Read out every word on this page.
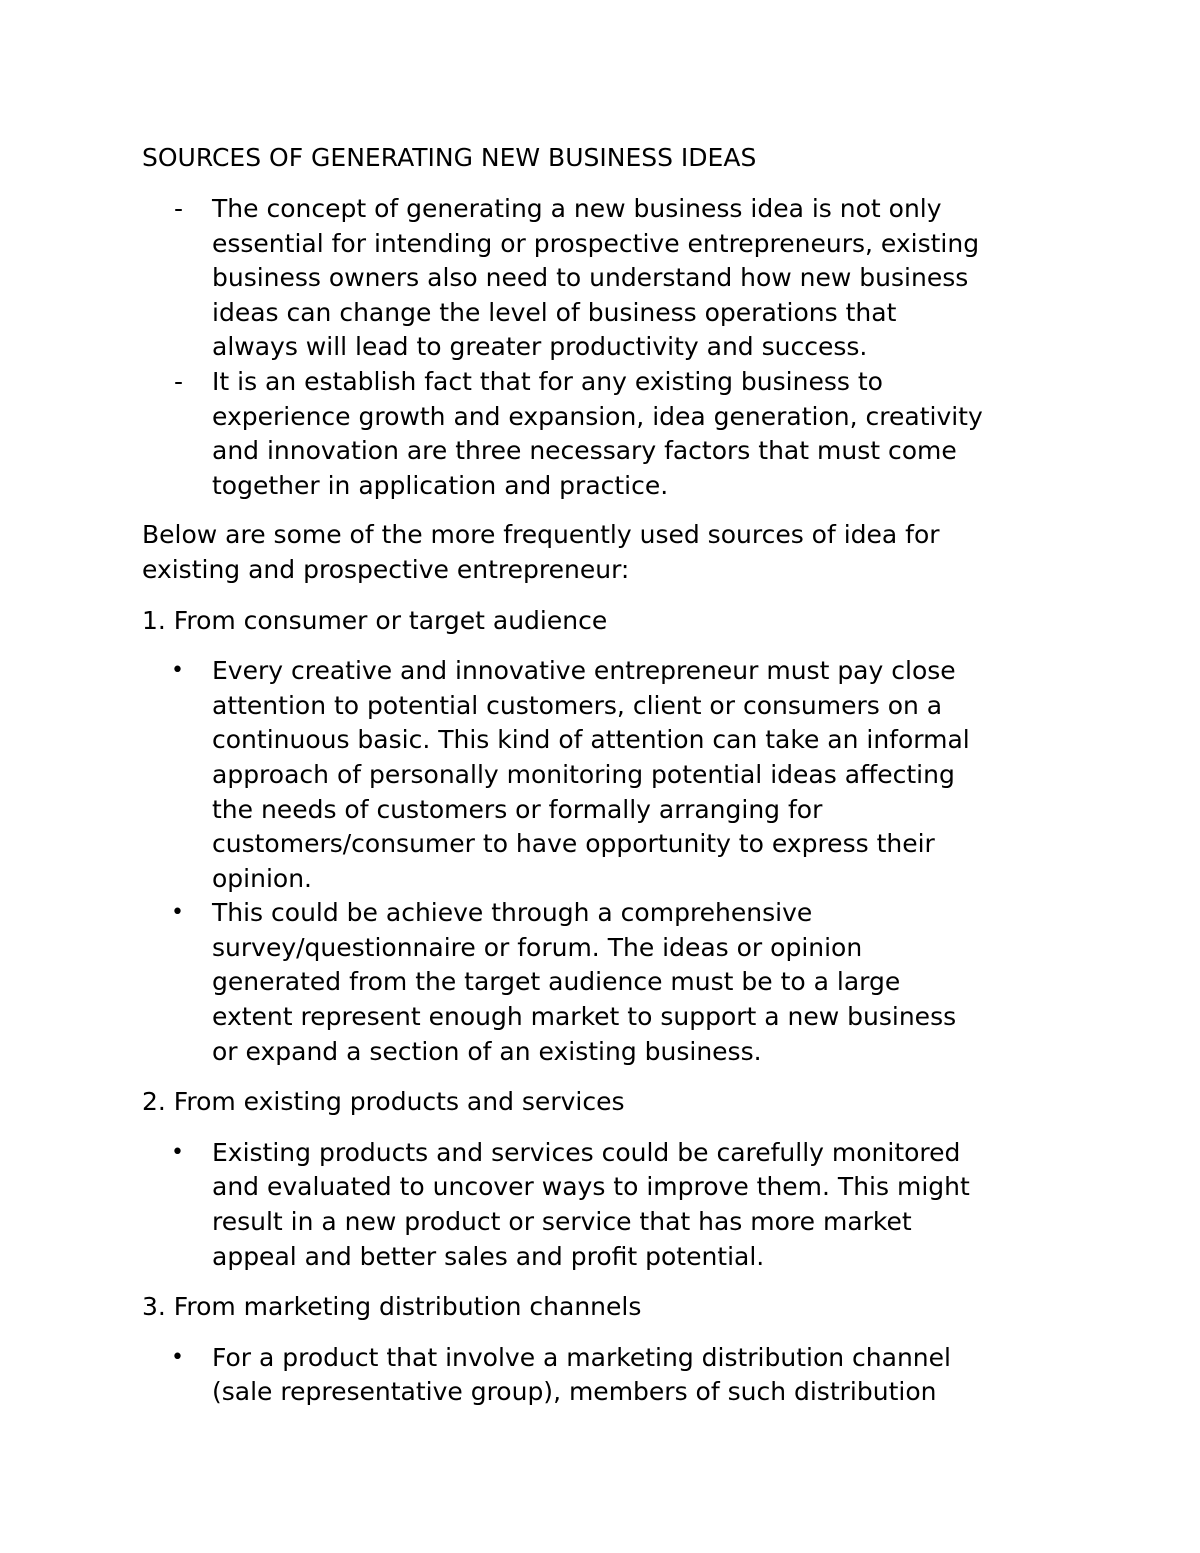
SOURCES OF GENERATING NEW BUSINESS IDEAS
- The concept of generating a new business idea is not only
essential for intending or prospective entrepreneurs, existing
business owners also need to understand how new business
ideas can change the level of business operations that
always will lead to greater productivity and success.
- It is an establish fact that for any existing business to
experience growth and expansion, idea generation, creativity
and innovation are three necessary factors that must come
together in application and practice.
Below are some of the more frequently used sources of idea for
existing and prospective entrepreneur:
1. From consumer or target audience
• Every creative and innovative entrepreneur must pay close
attention to potential customers, client or consumers on a
continuous basic. This kind of attention can take an informal
approach of personally monitoring potential ideas affecting
the needs of customers or formally arranging for
customers/consumer to have opportunity to express their
opinion.
• This could be achieve through a comprehensive
survey/questionnaire or forum. The ideas or opinion
generated from the target audience must be to a large
extent represent enough market to support a new business
or expand a section of an existing business.
2. From existing products and services
• Existing products and services could be carefully monitored
and evaluated to uncover ways to improve them. This might
result in a new product or service that has more market
appeal and better sales and profit potential.
3. From marketing distribution channels
• For a product that involve a marketing distribution channel
(sale representative group), members of such distribution
